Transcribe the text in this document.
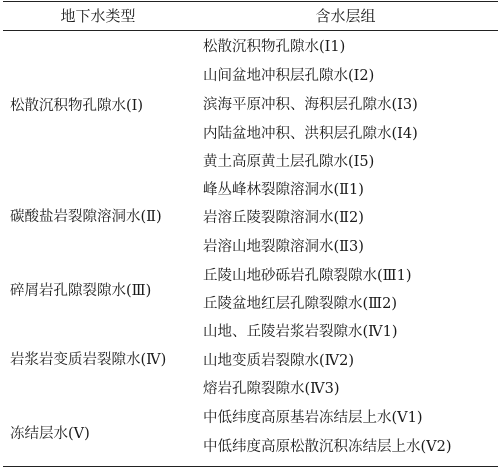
地下水类型	含水层组
松散沉积物孔隙水(Ⅰ)
碳酸盐岩裂隙溶洞水(Ⅱ)
碎屑岩孔隙裂隙水(Ⅲ)
岩浆岩变质岩裂隙水(Ⅳ)
冻结层水(Ⅴ)
松散沉积物孔隙水(Ⅰ1)
山间盆地冲积层孔隙水(Ⅰ2)
滨海平原冲积、海积层孔隙水(Ⅰ3)
内陆盆地冲积、洪积层孔隙水(Ⅰ4)
黄土高原黄土层孔隙水(Ⅰ5)
峰丛峰林裂隙溶洞水(Ⅱ1)
岩溶丘陵裂隙溶洞水(Ⅱ2)
岩溶山地裂隙溶洞水(Ⅱ3)
丘陵山地砂砾岩孔隙裂隙水(Ⅲ1)
丘陵盆地红层孔隙裂隙水(Ⅲ2)
山地、丘陵岩浆岩裂隙水(Ⅳ1)
山地变质岩裂隙水(Ⅳ2)
熔岩孔隙裂隙水(Ⅳ3)
中低纬度高原基岩冻结层上水(Ⅴ1)
中低纬度高原松散沉积冻结层上水(Ⅴ2)
